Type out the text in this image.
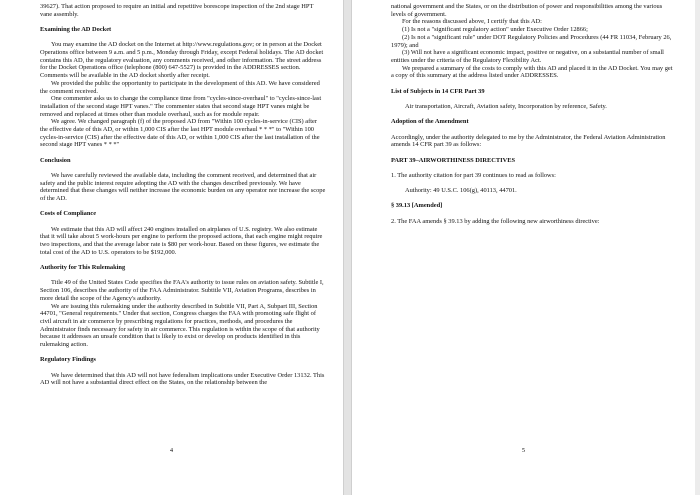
39627). That action proposed to require an initial and repetitive borescope inspection of the 2nd stage HPT vane assembly.

Examining the AD Docket

You may examine the AD docket on the Internet at http://www.regulations.gov; or in person at the Docket Operations office between 9 a.m. and 5 p.m., Monday through Friday, except Federal holidays. The AD docket contains this AD, the regulatory evaluation, any comments received, and other information. The street address for the Docket Operations office (telephone (800) 647-5527) is provided in the ADDRESSES section. Comments will be available in the AD docket shortly after receipt.

We provided the public the opportunity to participate in the development of this AD. We have considered the comment received.

One commenter asks us to change the compliance time from "cycles-since-overhaul" to "cycles-since-last installation of the second stage HPT vanes." The commenter states that second stage HPT vanes might be removed and replaced at times other than module overhaul, such as for module repair.

We agree. We changed paragraph (f) of the proposed AD from "Within 100 cycles-in-service (CIS) after the effective date of this AD, or within 1,000 CIS after the last HPT module overhaul * * *" to "Within 100 cycles-in-service (CIS) after the effective date of this AD, or within 1,000 CIS after the last installation of the second stage HPT vanes * * *"

Conclusion

We have carefully reviewed the available data, including the comment received, and determined that air safety and the public interest require adopting the AD with the changes described previously. We have determined that these changes will neither increase the economic burden on any operator nor increase the scope of the AD.

Costs of Compliance

We estimate that this AD will affect 240 engines installed on airplanes of U.S. registry. We also estimate that it will take about 5 work-hours per engine to perform the proposed actions, that each engine might require two inspections, and that the average labor rate is $80 per work-hour. Based on these figures, we estimate the total cost of the AD to U.S. operators to be $192,000.

Authority for This Rulemaking

Title 49 of the United States Code specifies the FAA's authority to issue rules on aviation safety. Subtitle I, Section 106, describes the authority of the FAA Administrator. Subtitle VII, Aviation Programs, describes in more detail the scope of the Agency's authority.

We are issuing this rulemaking under the authority described in Subtitle VII, Part A, Subpart III, Section 44701, "General requirements." Under that section, Congress charges the FAA with promoting safe flight of civil aircraft in air commerce by prescribing regulations for practices, methods, and procedures the Administrator finds necessary for safety in air commerce. This regulation is within the scope of that authority because it addresses an unsafe condition that is likely to exist or develop on products identified in this rulemaking action.

Regulatory Findings

We have determined that this AD will not have federalism implications under Executive Order 13132. This AD will not have a substantial direct effect on the States, on the relationship between the

4

national government and the States, or on the distribution of power and responsibilities among the various levels of government.

For the reasons discussed above, I certify that this AD:

(1) Is not a "significant regulatory action" under Executive Order 12866;

(2) Is not a "significant rule" under DOT Regulatory Policies and Procedures (44 FR 11034, February 26, 1979); and

(3) Will not have a significant economic impact, positive or negative, on a substantial number of small entities under the criteria of the Regulatory Flexibility Act.

We prepared a summary of the costs to comply with this AD and placed it in the AD Docket. You may get a copy of this summary at the address listed under ADDRESSES.

List of Subjects in 14 CFR Part 39

Air transportation, Aircraft, Aviation safety, Incorporation by reference, Safety.

Adoption of the Amendment

Accordingly, under the authority delegated to me by the Administrator, the Federal Aviation Administration amends 14 CFR part 39 as follows:

PART 39–AIRWORTHINESS DIRECTIVES

1. The authority citation for part 39 continues to read as follows:

Authority: 49 U.S.C. 106(g), 40113, 44701.

§ 39.13 [Amended]

2. The FAA amends § 39.13 by adding the following new airworthiness directive:

5
